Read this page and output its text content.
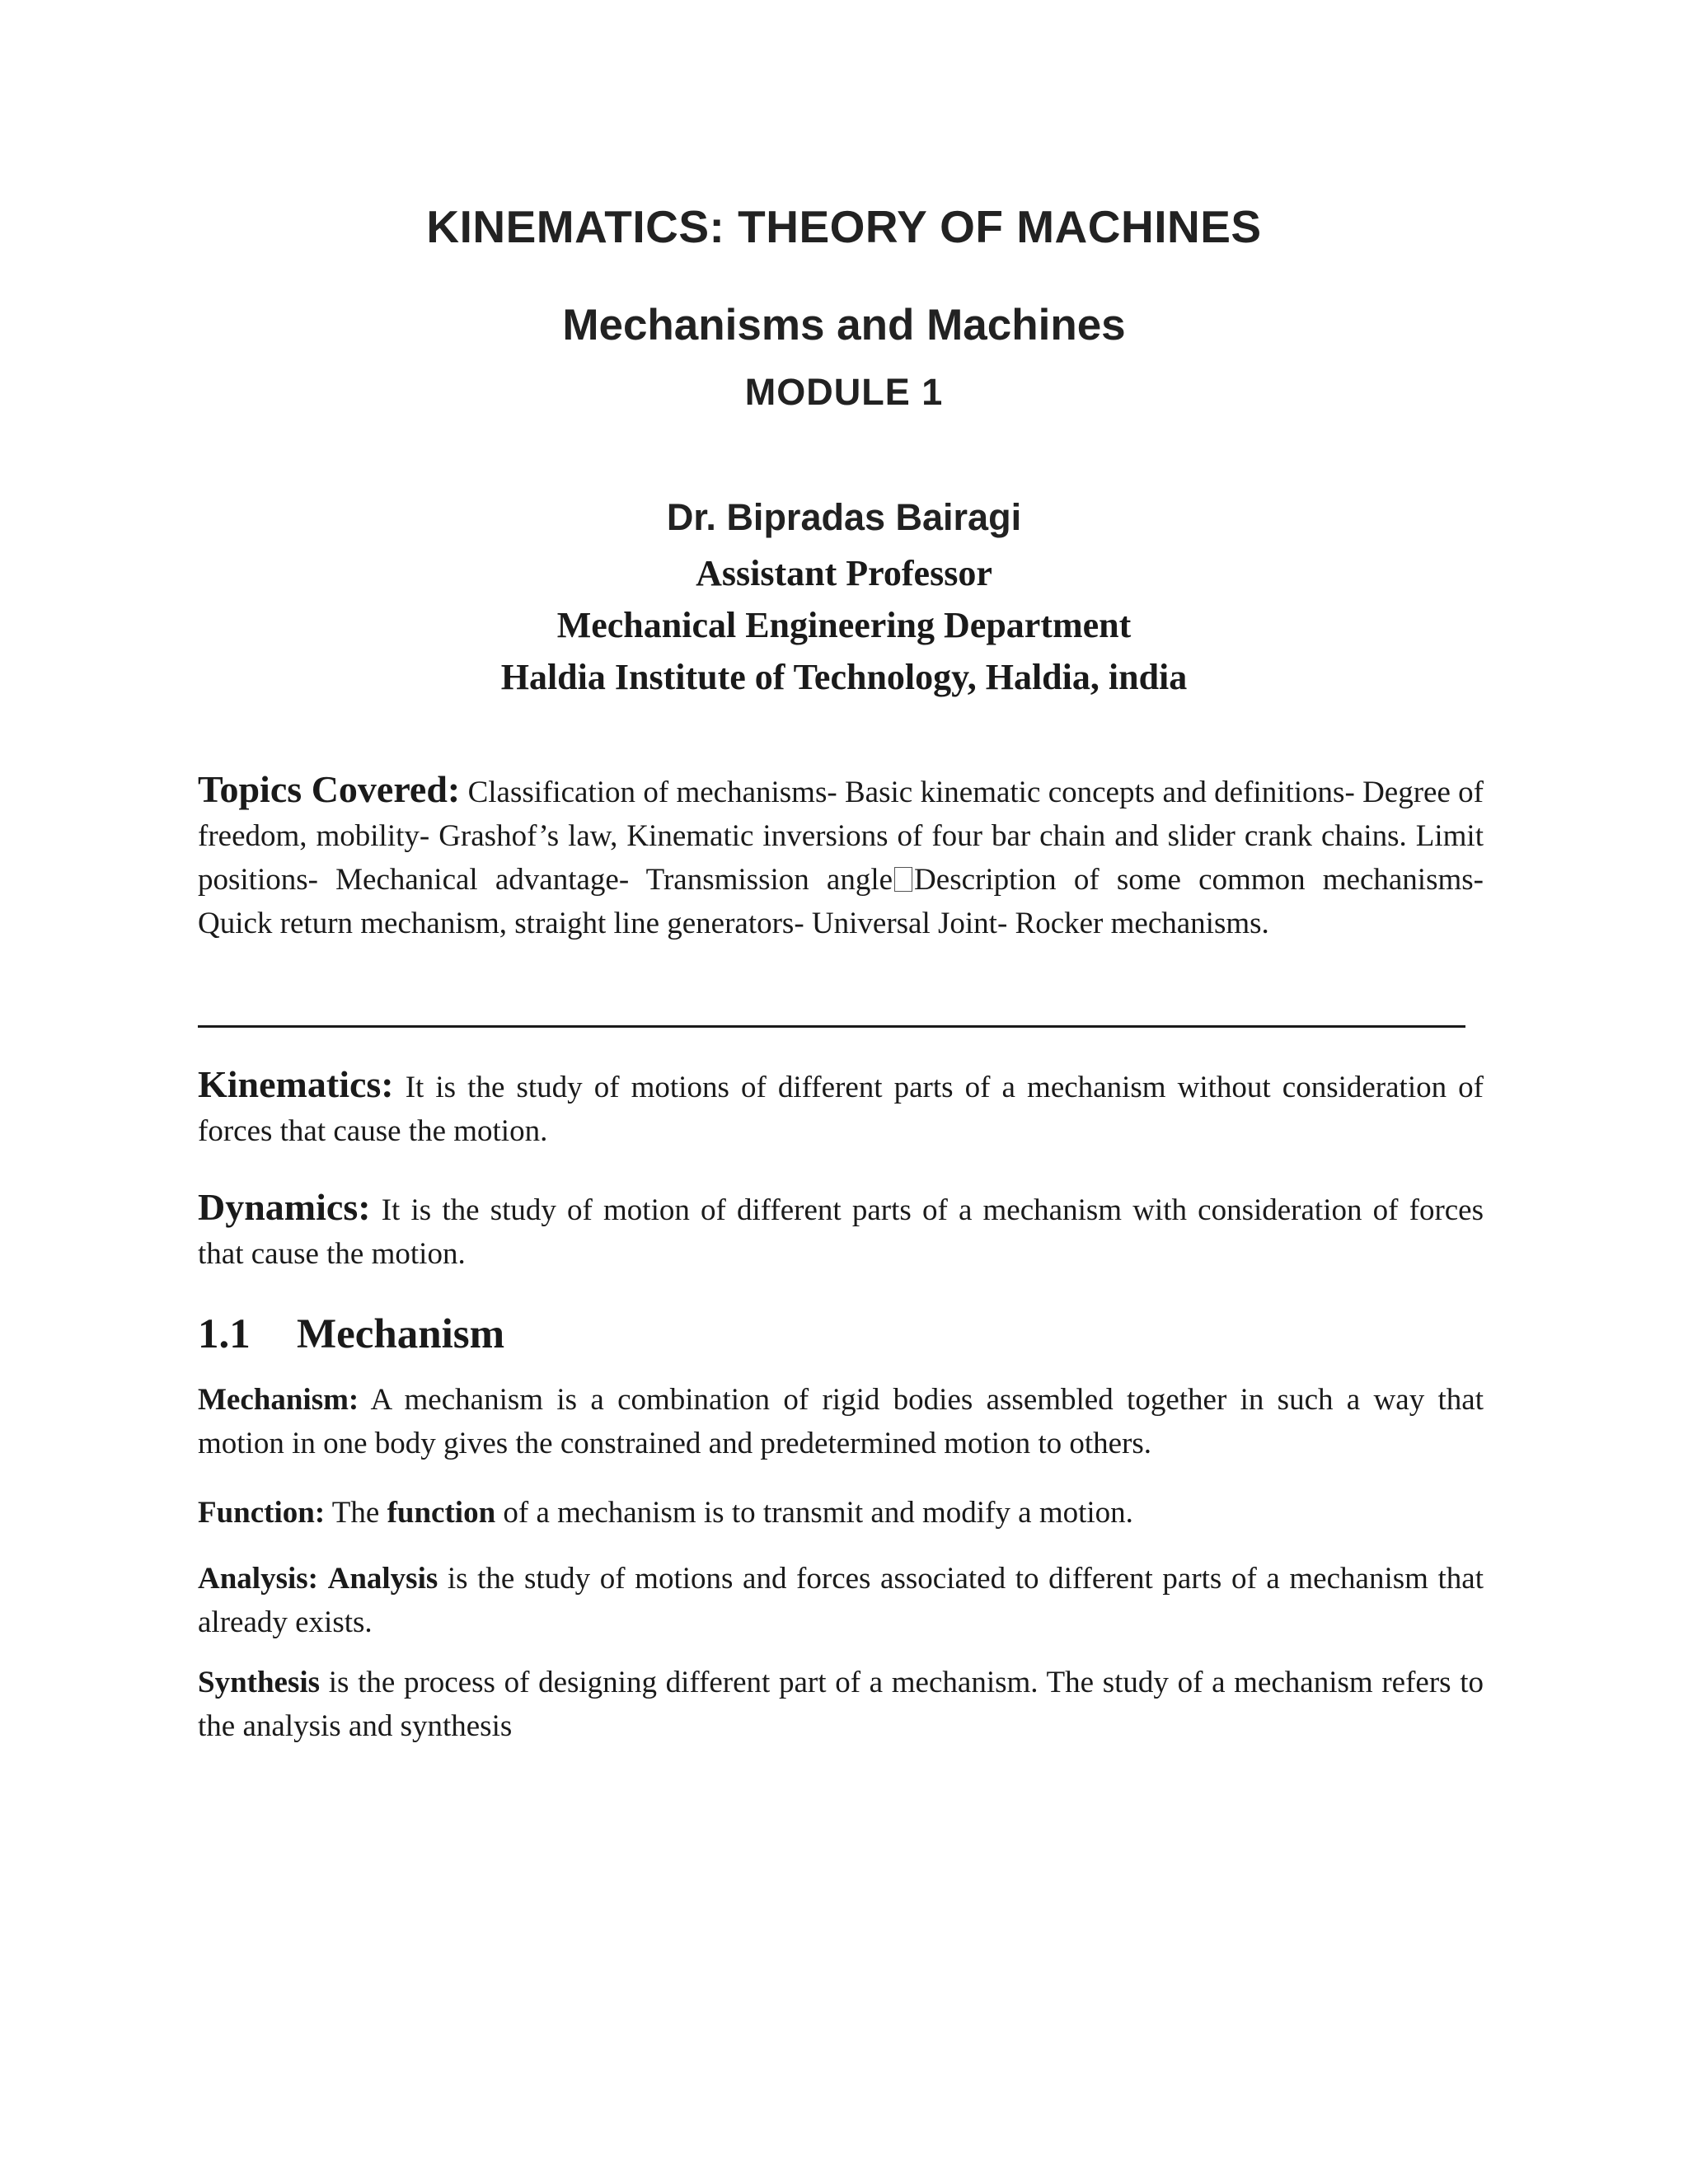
KINEMATICS: THEORY OF MACHINES
Mechanisms and Machines
MODULE 1
Dr. Bipradas Bairagi
Assistant Professor
Mechanical Engineering Department
Haldia Institute of Technology, Haldia, india
Topics Covered: Classification of mechanisms- Basic kinematic concepts and definitions- Degree of freedom, mobility- Grashof’s law, Kinematic inversions of four bar chain and slider crank chains. Limit positions- Mechanical advantage- Transmission angle Description of some common mechanisms- Quick return mechanism, straight line generators- Universal Joint- Rocker mechanisms.
Kinematics: It is the study of motions of different parts of a mechanism without consideration of forces that cause the motion.
Dynamics: It is the study of motion of different parts of a mechanism with consideration of forces that cause the motion.
1.1 Mechanism
Mechanism: A mechanism is a combination of rigid bodies assembled together in such a way that motion in one body gives the constrained and predetermined motion to others.
Function: The function of a mechanism is to transmit and modify a motion.
Analysis: Analysis is the study of motions and forces associated to different parts of a mechanism that already exists.
Synthesis is the process of designing different part of a mechanism. The study of a mechanism refers to the analysis and synthesis
